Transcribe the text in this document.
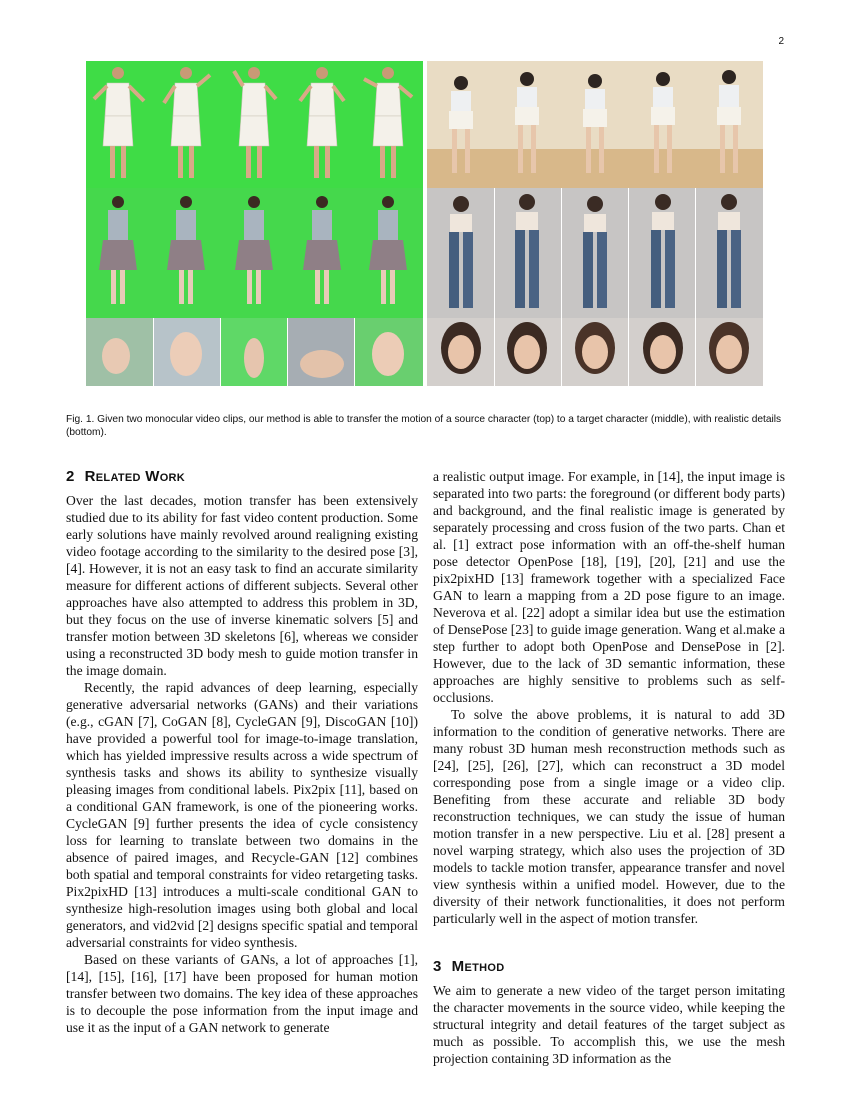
2
Fig. 1. Given two monocular video clips, our method is able to transfer the motion of a source character (top) to a target character (middle), with realistic details (bottom).
2 Related Work

Over the last decades, motion transfer has been extensively studied due to its ability for fast video content production. Some early solutions have mainly revolved around realigning existing video footage according to the similarity to the desired pose [3], [4]. However, it is not an easy task to find an accurate similarity measure for different actions of different subjects. Several other approaches have also attempted to address this problem in 3D, but they focus on the use of inverse kinematic solvers [5] and transfer motion between 3D skeletons [6], whereas we consider using a reconstructed 3D body mesh to guide motion transfer in the image domain.

Recently, the rapid advances of deep learning, especially generative adversarial networks (GANs) and their variations (e.g., cGAN [7], CoGAN [8], CycleGAN [9], DiscoGAN [10]) have provided a powerful tool for image-to-image translation, which has yielded impressive results across a wide spectrum of synthesis tasks and shows its ability to synthesize visually pleasing images from conditional labels. Pix2pix [11], based on a conditional GAN framework, is one of the pioneering works. CycleGAN [9] further presents the idea of cycle consistency loss for learning to translate between two domains in the absence of paired images, and Recycle-GAN [12] combines both spatial and temporal constraints for video retargeting tasks. Pix2pixHD [13] introduces a multi-scale conditional GAN to synthesize high-resolution images using both global and local generators, and vid2vid [2] designs specific spatial and temporal adversarial constraints for video synthesis.

Based on these variants of GANs, a lot of approaches [1], [14], [15], [16], [17] have been proposed for human motion transfer between two domains. The key idea of these approaches is to decouple the pose information from the input image and use it as the input of a GAN network to generate

a realistic output image. For example, in [14], the input image is separated into two parts: the foreground (or different body parts) and background, and the final realistic image is generated by separately processing and cross fusion of the two parts. Chan et al. [1] extract pose information with an off-the-shelf human pose detector OpenPose [18], [19], [20], [21] and use the pix2pixHD [13] framework together with a specialized Face GAN to learn a mapping from a 2D pose figure to an image. Neverova et al. [22] adopt a similar idea but use the estimation of DensePose [23] to guide image generation. Wang et al.make a step further to adopt both OpenPose and DensePose in [2]. However, due to the lack of 3D semantic information, these approaches are highly sensitive to problems such as self-occlusions.

To solve the above problems, it is natural to add 3D information to the condition of generative networks. There are many robust 3D human mesh reconstruction methods such as [24], [25], [26], [27], which can reconstruct a 3D model corresponding pose from a single image or a video clip. Benefiting from these accurate and reliable 3D body reconstruction techniques, we can study the issue of human motion transfer in a new perspective. Liu et al. [28] present a novel warping strategy, which also uses the projection of 3D models to tackle motion transfer, appearance transfer and novel view synthesis within a unified model. However, due to the diversity of their network functionalities, it does not perform particularly well in the aspect of motion transfer.

3 Method

We aim to generate a new video of the target person imitating the character movements in the source video, while keeping the structural integrity and detail features of the target subject as much as possible. To accomplish this, we use the mesh projection containing 3D information as the
